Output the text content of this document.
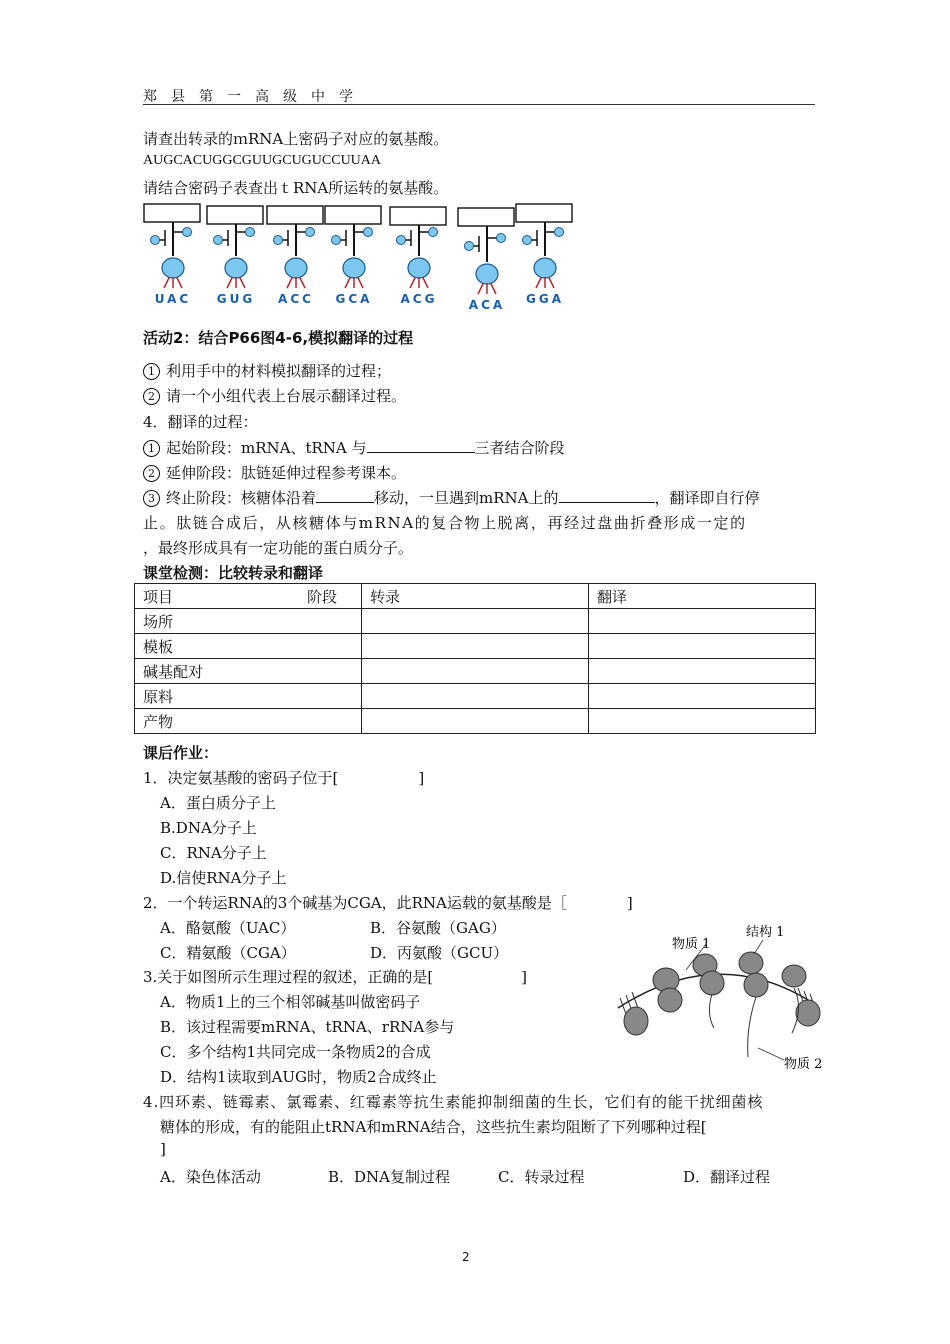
郑县第一高级中学
请查出转录的ｍRNA上密码子对应的氨基酸。
AUGCACUGGCGUUGCUGUCCUUAA
请结合密码子表查出ｔRNA所运转的氨基酸。
UAC GUG ACC GCA ACG	ACA GGA
活动2：结合P66图4-6,模拟翻译的过程
1 利用手中的材料模拟翻译的过程；
2 请一个小组代表上台展示翻译过程。
4．翻译的过程：
1 起始阶段：mRNA、tRNA 与	三者结合阶段
2 延伸阶段：肽链延伸过程参考课本。
3 终止阶段：核糖体沿着	移动，一旦遇到mRNA上的	，翻译即自行停
止。肽链合成后，从核糖体与mRNA的复合物上脱离，再经过盘曲折叠形成一定的
，最终形成具有一定功能的蛋白质分子。
课堂检测：比较转录和翻译
项目 阶段	转录	翻译
场所		
模板		
碱基配对		
原料		
产物		
课后作业：
1．决定氨基酸的密码子位于[	]
A．蛋白质分子上
B.DNA分子上
C．RNA分子上
D.信使RNA分子上
2．一个转运RNA的3个碱基为CGA，此RNA运载的氨基酸是［	]
A．酪氨酸（UAC）	B．谷氨酸（GAG）
C．精氨酸（CGA）	D．丙氨酸（GCU）
3.关于如图所示生理过程的叙述，正确的是[	]
A．物质1上的三个相邻碱基叫做密码子
B．该过程需要mRNA、tRNA、rRNA参与
C．多个结构1共同完成一条物质2的合成
D．结构1读取到AUG时，物质2合成终止
物质 1
结构 1
物质 2
4.四环素、链霉素、氯霉素、红霉素等抗生素能抑制细菌的生长，它们有的能干扰细菌核
糖体的形成，有的能阻止tRNA和mRNA结合，这些抗生素均阻断了下列哪种过程[
]
A．染色体活动	B．DNA复制过程	C．转录过程	D．翻译过程
2
